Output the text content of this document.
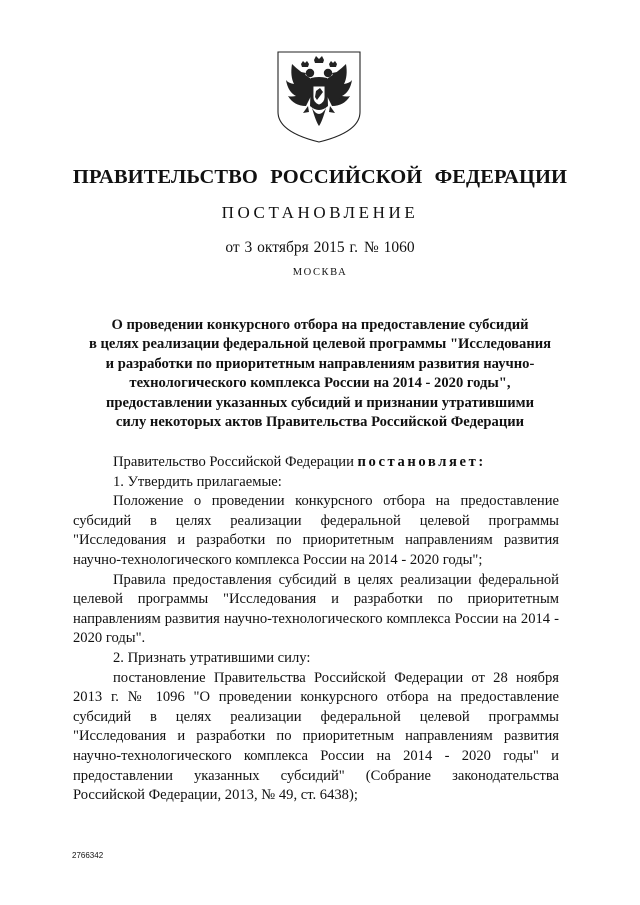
ПРАВИТЕЛЬСТВО РОССИЙСКОЙ ФЕДЕРАЦИИ
ПОСТАНОВЛЕНИЕ
от 3 октября 2015 г. № 1060
МОСКВА
О проведении конкурсного отбора на предоставление субсидий
в целях реализации федеральной целевой программы "Исследования
и разработки по приоритетным направлениям развития научно-
технологического комплекса России на 2014 - 2020 годы",
предоставлении указанных субсидий и признании утратившими
силу некоторых актов Правительства Российской Федерации
Правительство Российской Федерации постановляет:
1. Утвердить прилагаемые:
Положение о проведении конкурсного отбора на предоставление субсидий в целях реализации федеральной целевой программы "Исследования и разработки по приоритетным направлениям развития научно-технологического комплекса России на 2014 - 2020 годы";
Правила предоставления субсидий в целях реализации федеральной целевой программы "Исследования и разработки по приоритетным направлениям развития научно-технологического комплекса России на 2014 - 2020 годы".
2. Признать утратившими силу:
постановление Правительства Российской Федерации от 28 ноября 2013 г. № 1096 "О проведении конкурсного отбора на предоставление субсидий в целях реализации федеральной целевой программы "Исследования и разработки по приоритетным направлениям развития научно-технологического комплекса России на 2014 - 2020 годы" и предоставлении указанных субсидий" (Собрание законодательства Российской Федерации, 2013, № 49, ст. 6438);
2766342
